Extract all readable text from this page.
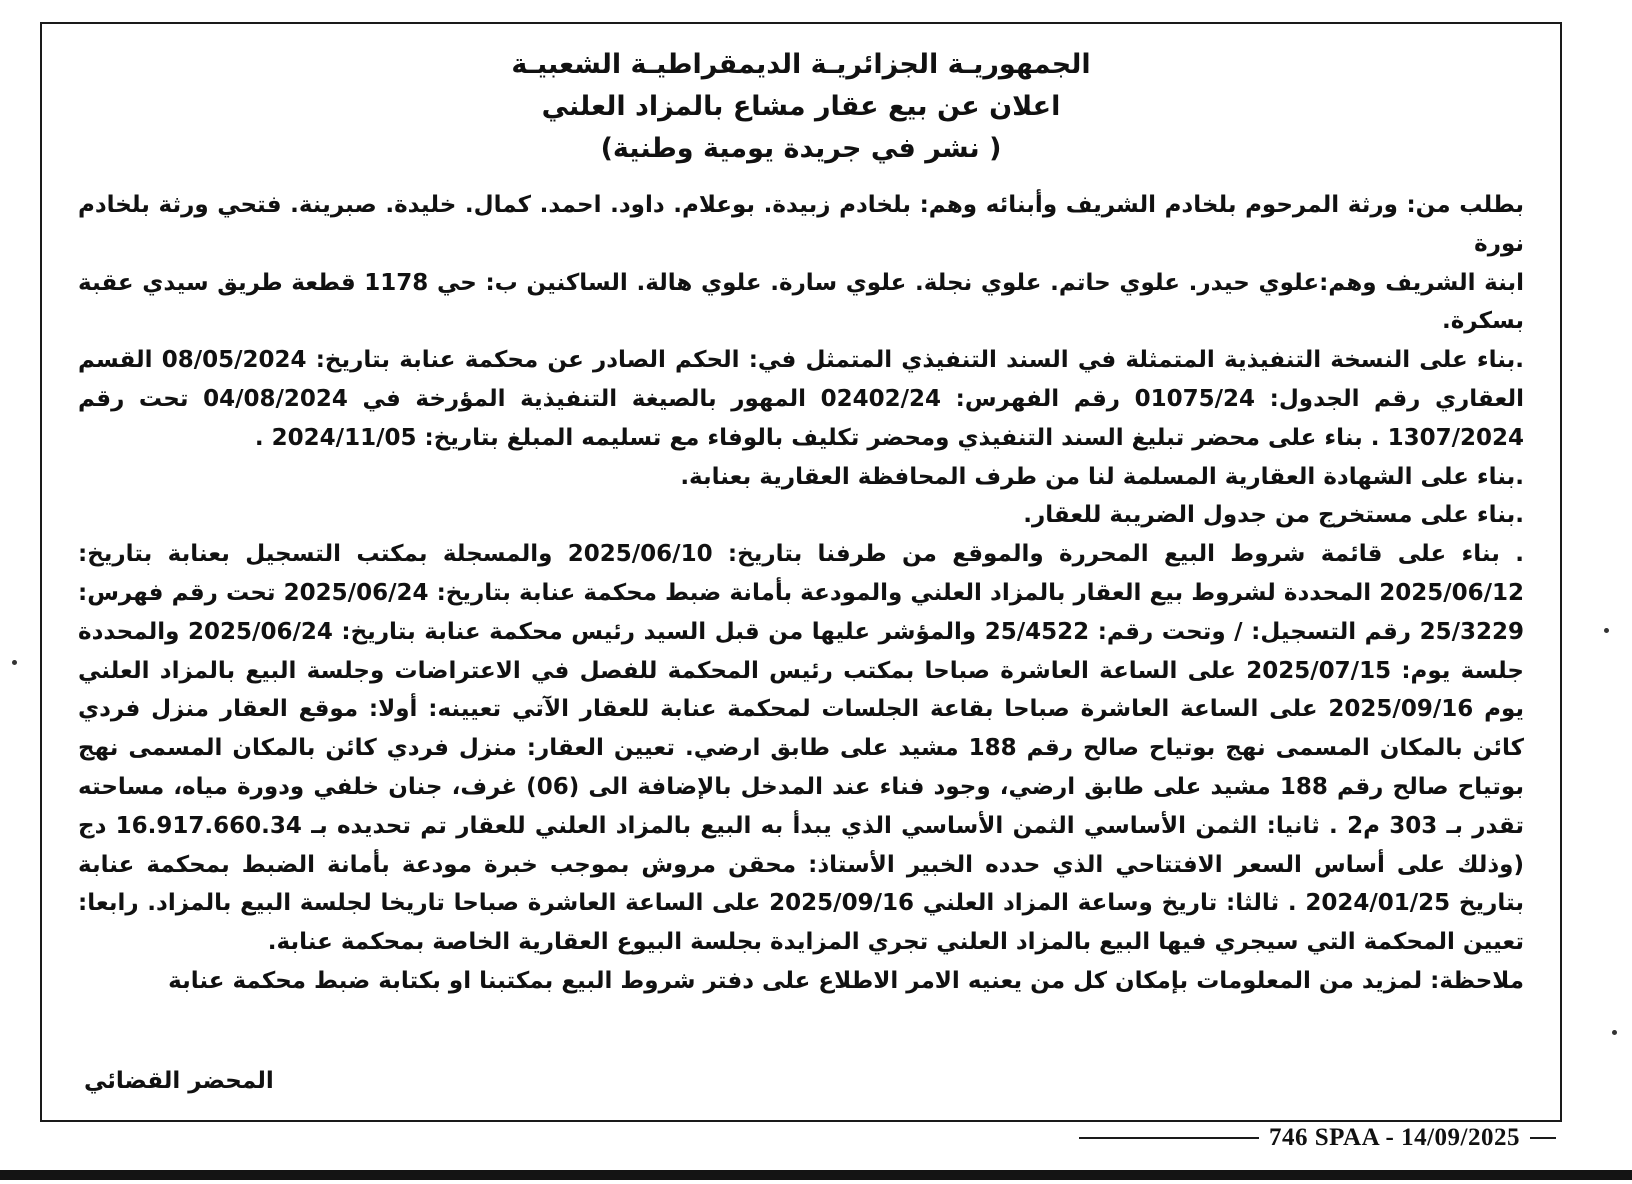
الجمهوريـة الجزائريـة الديمقراطيـة الشعبيـة
اعلان عن بيع عقار مشاع بالمزاد العلني
(نشر في جريدة يومية وطنية )

بطلب من: ورثة المرحوم بلخادم الشريف وأبنائه وهم: بلخادم زبيدة. بوعلام. داود. احمد. كمال. خليدة. صبرينة. فتحي ورثة بلخادم نورة

ابنة الشريف وهم:علوي حيدر. علوي حاتم. علوي نجلة. علوي سارة. علوي هالة. الساكنين ب: حي 1178 قطعة طريق سيدي عقبة بسكرة.

.بناء على النسخة التنفيذية المتمثلة في السند التنفيذي المتمثل في: الحكم الصادر عن محكمة عنابة بتاريخ: 08/05/2024 القسم العقاري رقم الجدول: 01075/24 رقم الفهرس: 02402/24 المهور بالصيغة التنفيذية المؤرخة في 04/08/2024 تحت رقم 1307/2024 . بناء على محضر تبليغ السند التنفيذي ومحضر تكليف بالوفاء مع تسليمه المبلغ بتاريخ: 2024/11/05 .

.بناء على الشهادة العقارية المسلمة لنا من طرف المحافظة العقارية بعنابة.

.بناء على مستخرج من جدول الضريبة للعقار.

. بناء على قائمة شروط البيع المحررة والموقع من طرفنا بتاريخ: 2025/06/10 والمسجلة بمكتب التسجيل بعنابة بتاريخ: 2025/06/12 المحددة لشروط بيع العقار بالمزاد العلني والمودعة بأمانة ضبط محكمة عنابة بتاريخ: 2025/06/24 تحت رقم فهرس: 25/3229 رقم التسجيل: / وتحت رقم: 25/4522 والمؤشر عليها من قبل السيد رئيس محكمة عنابة بتاريخ: 2025/06/24 والمحددة جلسة يوم: 2025/07/15 على الساعة العاشرة صباحا بمكتب رئيس المحكمة للفصل في الاعتراضات وجلسة البيع بالمزاد العلني يوم 2025/09/16 على الساعة العاشرة صباحا بقاعة الجلسات لمحكمة عنابة للعقار الآتي تعيينه: أولا: موقع العقار منزل فردي كائن بالمكان المسمى نهج بوتياح صالح رقم 188 مشيد على طابق ارضي. تعيين العقار: منزل فردي كائن بالمكان المسمى نهج بوتياح صالح رقم 188 مشيد على طابق ارضي، وجود فناء عند المدخل بالإضافة الى (06) غرف، جنان خلفي ودورة مياه، مساحته تقدر بـ 303 م2 . ثانيا: الثمن الأساسي الثمن الأساسي الذي يبدأ به البيع بالمزاد العلني للعقار تم تحديده بـ 16.917.660.34 دج (وذلك على أساس السعر الافتتاحي الذي حدده الخبير الأستاذ: محقن مروش بموجب خبرة مودعة بأمانة الضبط بمحكمة عنابة بتاريخ 2024/01/25 . ثالثا: تاريخ وساعة المزاد العلني 2025/09/16 على الساعة العاشرة صباحا تاريخا لجلسة البيع بالمزاد. رابعا: تعيين المحكمة التي سيجري فيها البيع بالمزاد العلني تجري المزايدة بجلسة البيوع العقارية الخاصة بمحكمة عنابة.

ملاحظة: لمزيد من المعلومات بإمكان كل من يعنيه الامر الاطلاع على دفتر شروط البيع بمكتبنا او بكتابة ضبط محكمة عنابة

المحضر القضائي
746 SPAA - 14/09/2025
